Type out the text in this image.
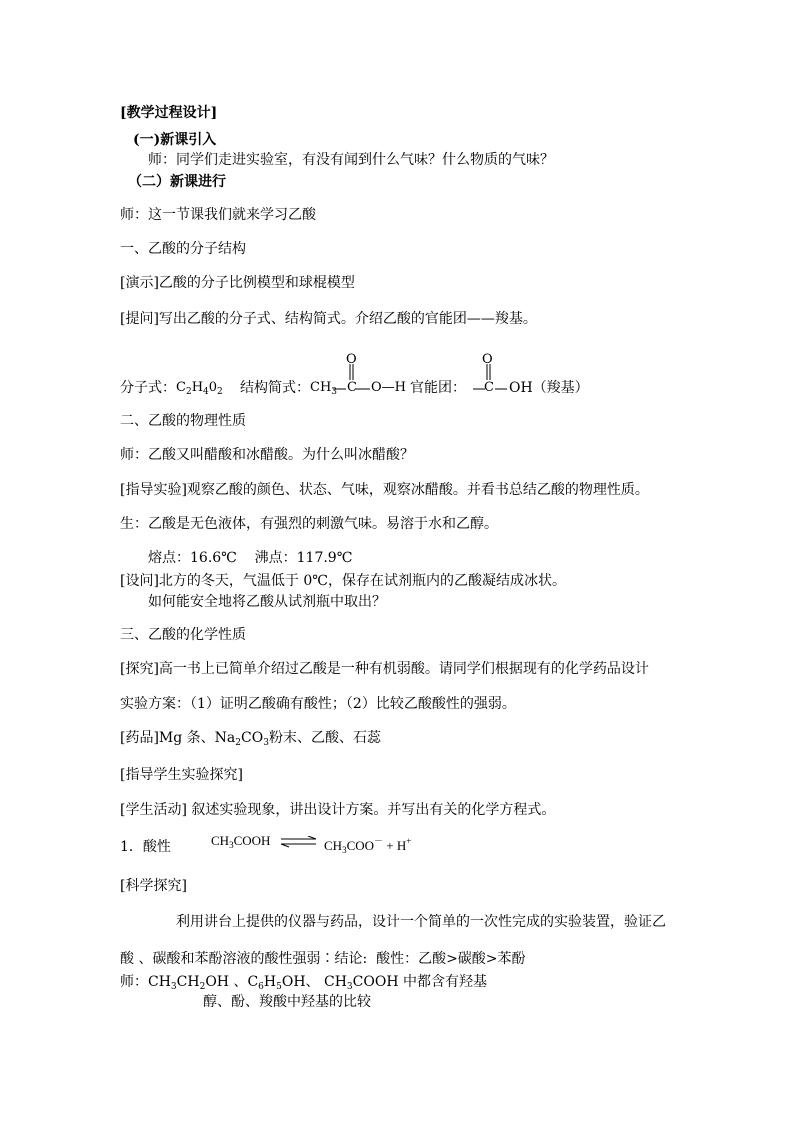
[教学过程设计]
(一)新课引入
师：同学们走进实验室，有没有闻到什么气味？什么物质的气味？
（二）新课进行
师：这一节课我们就来学习乙酸
一、乙酸的分子结构
[演示]乙酸的分子比例模型和球棍模型
[提问]写出乙酸的分子式、结构简式。介绍乙酸的官能团——羧基。
分子式： $C_2H_40_2$ 结构简式： $CH_3$
O
C O—H 官能团：
O
C OH（羧基）
二、乙酸的物理性质
师：乙酸又叫醋酸和冰醋酸。为什么叫冰醋酸？
[指导实验]观察乙酸的颜色、状态、气味，观察冰醋酸。并看书总结乙酸的物理性质。
生：乙酸是无色液体，有强烈的刺激气味。易溶于水和乙醇。
熔点：16.6℃    沸点：117.9℃
[设问]北方的冬天，气温低于 0℃，保存在试剂瓶内的乙酸凝结成冰状。
如何能安全地将乙酸从试剂瓶中取出？
三、乙酸的化学性质
[探究]高一书上已简单介绍过乙酸是一种有机弱酸。请同学们根据现有的化学药品设计
实验方案：（1）证明乙酸确有酸性；（2）比较乙酸酸性的强弱。
[药品]Mg 条、$Na_2CO_3$粉末、乙酸、石蕊
[指导学生实验探究]
[学生活动] 叙述实验现象，讲出设计方案。并写出有关的化学方程式。
1．酸性	$CH_3COOH$ ⇌ $CH_3COO^- + H^+$
[科学探究]
利用讲台上提供的仪器与药品，设计一个简单的一次性完成的实验装置，验证乙
酸 、碳酸和苯酚溶液的酸性强弱∶结论:  酸性：乙酸>碳酸>苯酚
师：$CH_3CH_2OH$ 、$C_6H_5OH$、 $CH_3COOH$ 中都含有羟基
醇、酚、羧酸中羟基的比较
